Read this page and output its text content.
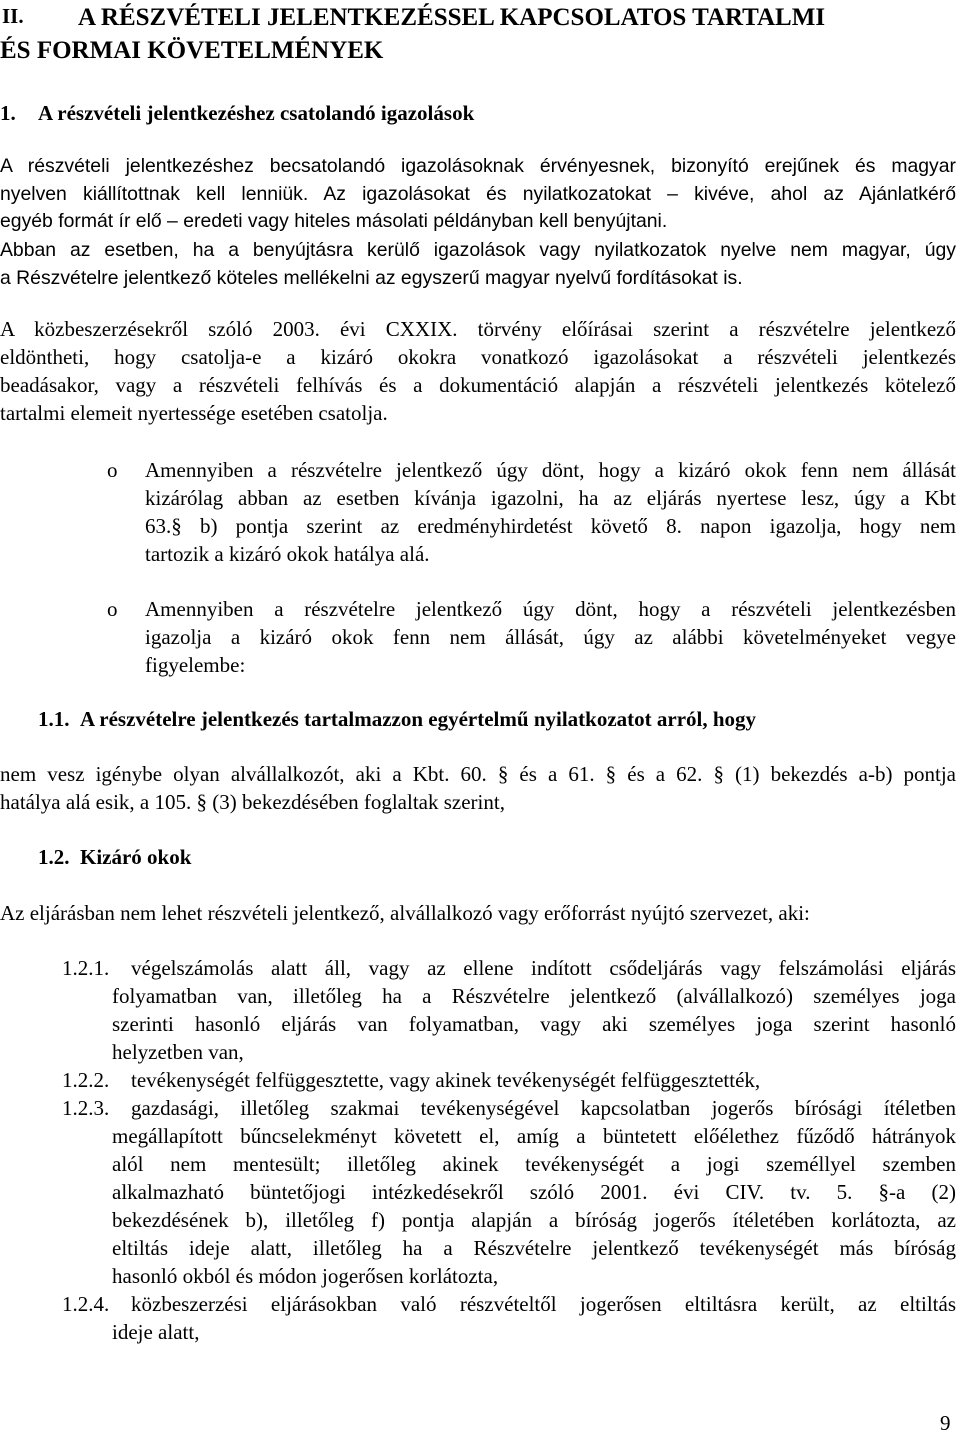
II. A RÉSZVÉTELI JELENTKEZÉSSEL KAPCSOLATOS TARTALMI
ÉS FORMAI KÖVETELMÉNYEK
1. A részvételi jelentkezéshez csatolandó igazolások
A részvételi jelentkezéshez becsatolandó igazolásoknak érvényesnek, bizonyító erejűnek és magyar
nyelven kiállítottnak kell lenniük. Az igazolásokat és nyilatkozatokat – kivéve, ahol az Ajánlatkérő
egyéb formát ír elő – eredeti vagy hiteles másolati példányban kell benyújtani.
Abban az esetben, ha a benyújtásra kerülő igazolások vagy nyilatkozatok nyelve nem magyar, úgy
a Részvételre jelentkező köteles mellékelni az egyszerű magyar nyelvű fordításokat is.
A közbeszerzésekről szóló 2003. évi CXXIX. törvény előírásai szerint a részvételre jelentkező
eldöntheti, hogy csatolja-e a kizáró okokra vonatkozó igazolásokat a részvételi jelentkezés
beadásakor, vagy a részvételi felhívás és a dokumentáció alapján a részvételi jelentkezés kötelező
tartalmi elemeit nyertessége esetében csatolja.
o Amennyiben a részvételre jelentkező úgy dönt, hogy a kizáró okok fenn nem állását
kizárólag abban az esetben kívánja igazolni, ha az eljárás nyertese lesz, úgy a Kbt
63.§ b) pontja szerint az eredményhirdetést követő 8. napon igazolja, hogy nem
tartozik a kizáró okok hatálya alá.
o Amennyiben a részvételre jelentkező úgy dönt, hogy a részvételi jelentkezésben
igazolja a kizáró okok fenn nem állását, úgy az alábbi követelményeket vegye
figyelembe:
1.1. A részvételre jelentkezés tartalmazzon egyértelmű nyilatkozatot arról, hogy
nem vesz igénybe olyan alvállalkozót, aki a Kbt. 60. § és a 61. § és a 62. § (1) bekezdés a-b) pontja
hatálya alá esik, a 105. § (3) bekezdésében foglaltak szerint,
1.2. Kizáró okok
Az eljárásban nem lehet részvételi jelentkező, alvállalkozó vagy erőforrást nyújtó szervezet, aki:
1.2.1. végelszámolás alatt áll, vagy az ellene indított csődeljárás vagy felszámolási eljárás
folyamatban van, illetőleg ha a Részvételre jelentkező (alvállalkozó) személyes joga
szerinti hasonló eljárás van folyamatban, vagy aki személyes joga szerint hasonló
helyzetben van,
1.2.2. tevékenységét felfüggesztette, vagy akinek tevékenységét felfüggesztették,
1.2.3. gazdasági, illetőleg szakmai tevékenységével kapcsolatban jogerős bírósági ítéletben
megállapított bűncselekményt követett el, amíg a büntetett előélethez fűződő hátrányok
alól nem mentesült; illetőleg akinek tevékenységét a jogi személlyel szemben
alkalmazható büntetőjogi intézkedésekről szóló 2001. évi CIV. tv. 5. §-a (2)
bekezdésének b), illetőleg f) pontja alapján a bíróság jogerős ítéletében korlátozta, az
eltiltás ideje alatt, illetőleg ha a Részvételre jelentkező tevékenységét más bíróság
hasonló okból és módon jogerősen korlátozta,
1.2.4. közbeszerzési eljárásokban való részvételtől jogerősen eltiltásra került, az eltiltás
ideje alatt,
9
